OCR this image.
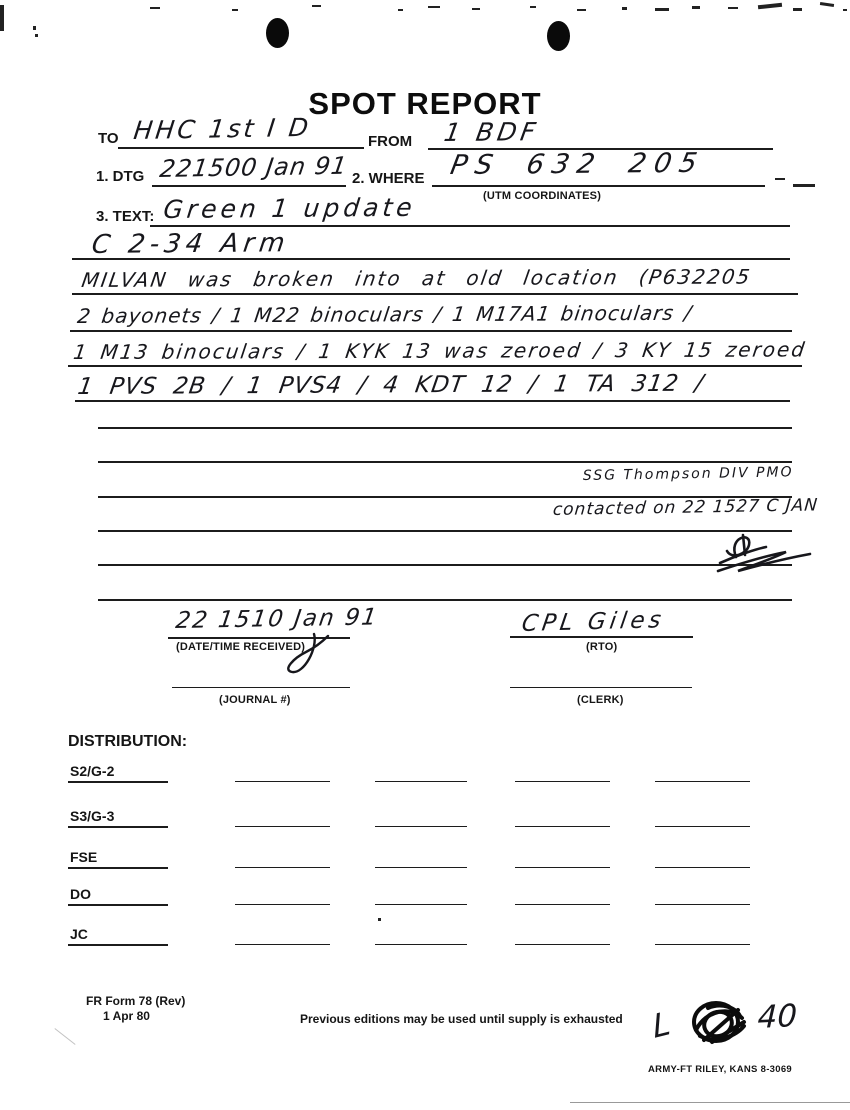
SPOT REPORT
TO HHC 1st I D	FROM 1 BDF
1. DTG 221500 Jan 91 2. WHERE PS 632 205
(UTM COORDINATES)
3. TEXT: Green 1 update
C 2-34 Arm
MILVAN was broken into at old location (P632205
2 bayonets / 1 M22 binoculars / 1 M17A1 binoculars /
1 M13 binoculars / 1 KYK 13 was zeroed / 3 KY 15 zeroed
1 PVS 2B / 1 PVS4 / 4 KDT 12 / 1 TA 312 /
SSG Thompson DIV PMO
contacted on 22 1527 C JAN
22 1510 Jan 91
(DATE/TIME RECEIVED)
CPL Giles
(RTO)
(JOURNAL #)	(CLERK)
DISTRIBUTION:
S2/G-2
S3/G-3
FSE
DO
JC
FR Form 78 (Rev)
1 Apr 80	Previous editions may be used until supply is exhausted L	40
ARMY-FT RILEY, KANS 8-3069
